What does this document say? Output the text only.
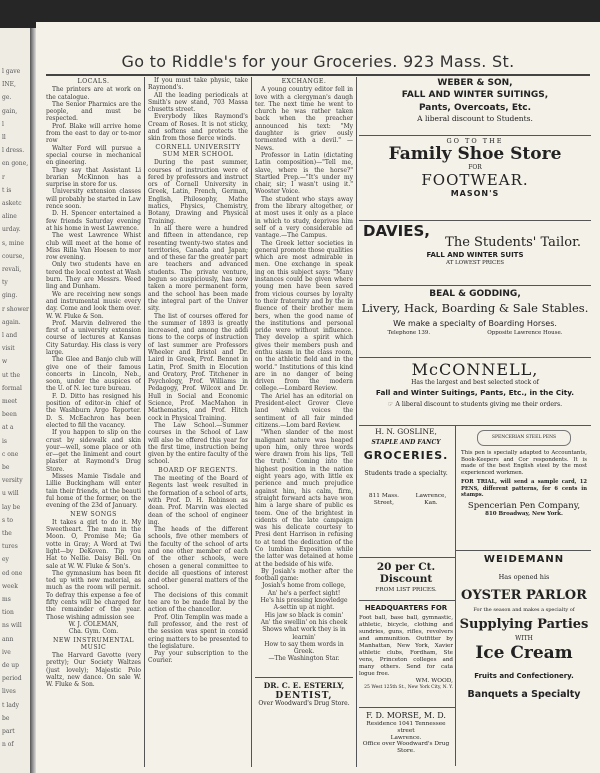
l gave
INE,
ge.
gain,
l
ll
l dress.
en gone,
r
t is
asketc
aline
urday.
s, mine
course,
revali,
ty
ging.
r shower
again.
l and
visit
w
ut the
formal
meet
been
at a
is
c one
be
versity
u will
lay be
s to
the
tures
ey
ed one
week
ms
tion
ns will
ann
ive
de up
period
lives
t lady
be
part
n of
Go to Riddle's for your Groceries. 923 Mass. St.

LOCALS.

The printers are at work on the catalogue.

The Senior Pharmics are the people, and must be respected.

Prof. Blake will arrive home from the east to day or to-mor row

Walter Ford will pursue a special course in mechanical en gineering.

They say that Assistant Li brarian McKinnon has a surprise in store for us.

University extension classes will probably be started in Law rence soon.

D. H. Spencer entertained a few friends Saturday evening at his home in west Lawrence.

The west Lawrence Whist club will meet at the home of Miss Rilla Van Hoesen to mor row evening.

Only two students have en tered the local contest at Wash burn. They are Messrs. Weed ling and Dunham.

We are receiving new songs and instrumental music every day. Come and look them over. W. W. Fluke & Son.

Prof. Marvin delivered the first of a university extension course of lectures at Kansas City Saturday. His class is very large.

The Glee and Banjo club will give one of their famous concerts in Lincoln, Neb., soon, under the auspices of the U. of N. lec ture bureau.

F. D. Ditto has resigned his position of editor-in chief of the Washburn Argo Reporter. D. S. McEachron has been elected to fill the vacancy.

If you happen to slip on the crust by sidewalk and skin your—well, some place or oth er—get the liniment and court plaster at Raymond's Drug Store.

Misses Mamie Tisdale and Lillie Buckingham will enter tain their friends, at the beauti ful home of the former, on the evening of the 23d of January.

NEW SONGS

It takes a girl to do it. My Sweetheart. The man in the Moon. O, Promise Me; Ga votte in Gray; A Word at Twi light—by DeKoven. Tip you Hat to Nellie. Daisy Bell. On sale at W. W. Fluke & Son's.

The gymnasium has been fit ted up with new material, as much as the room will permit. To defray this expense a fee of fifty cents will be charged for the remainder of the year. Those wishing admission see

W. J. COLEMAN,

Cha. Gym. Com.

NEW INSTRUMENTAL MUSIC

The Harvard Gavotte (very pretty); Our Society Waltzes (just lovely); Majestic Polo waltz, new dance. On sale W. W. Fluke & Son.

If you must take physic, take Raymond's.

All the leading periodicals at Smith's new stand, 703 Massa chusetts street.

Everybody likes Raymond's Cream of Roses. It is not sticky, and softens and protects the skin from those fierce winds.

CORNELL UNIVERSITY SUM MER SCHOOL

During the past summer, courses of instruction were of fered by professors and instruct ors of Cornell University in Greek, Latin, French, German, English, Philosophy, Mathe matics, Physics, Chemistry, Botany, Drawing and Physical Training.

In all there were a hundred and fifteen in attendance, rep resenting twenty-two states and territories, Canada and Japan; and of these far the greater part are teachers and advanced students. The private venture, begun so auspiciously, has now taken a more permanent form, and the school has been made the integral part of the Univer sity.

The list of courses offered for the summer of 1893 is greatly increased, and among the addi tions to the corps of instruction of last summer are Professors Wheeler and Bristol and Dr. Laird in Greek, Prof. Bennet in Latin, Prof. Smith in Elocution and Oratory, Prof. Titchener in Psychology, Prof. Williams in Pedagogy, Prof. Wilcox and Dr. Hull in Social and Economic Science, Prof. MacMahon in Mathematics, and Prof. Hitch cock in Physical Training.

The Law School.—Summer courses in the School of Law will also be offered this year for the first time, instruction being given by the entire faculty of the school.

BOARD OF REGENTS.

The meeting of the Board of Regents last week resulted in the formation of a school of arts, with Prof. D. H. Robinson as dean. Prof. Marvin was elected dean of the school of engineer ing.

The heads of the different schools, five other members of the faculty of the school of arts and one other member of each of the other schools, were chosen a general committee to decide all questions of interest and other general matters of the school.

The decisions of this commit tee are to be made final by the action of the chancellor.

Prof. Olin Templin was made a full professor, and the rest of the session was spent in consid ering matters to be presented to the legislature.

Pay your subscription to the Courier.

EXCHANGE.

A young country editor fell in love with a clergyman's daugh ter. The next time he went to church he was rather taken back when the preacher announced his text: "My daughter is griev ously tormented with a devil." —News.

Professor in Latin (dictating Latin composition)—"Tell me, slave, where is the horse?" Startled Prep.—"It's under my chair, sir; I wasn't using it." Wooster Voice.

The student who stays away from the library altogether, or at most uses it only as a place in which to study, deprives him self of a very considerable ad vantage.—The Campus.

The Greek letter societies in general promote those qualities which are most admirable in men. One exchange in speak ing on this subject says: "Many instances could be given where young men have been saved from vicious courses by loyalty to their fraternity and by the in fluence of their brother mem bers, when the good name of the institutions and personal pride were without influence. They develop a spirit which gives their members push and enthu siasm in the class room, on the athletic field and in the world." Institutions of this kind are in no danger of being driven from the modern college.—Lombard Review.

The Ariel has an editorial on President-elect Grover Cleve land which voices the sentiment of all fair minded citizens.—Lom bard Review.

"When slander of the most malignant nature was heaped upon him, only three words were drawn from his lips, 'Tell the truth.' Coming into the highest position in the nation eight years ago, with little ex perience and much prejudice against him, his calm, firm, straight forward acts have won him a large share of public es teem. One of the brightest in cidents of the late campaign was his delicate courtesy to Presi dent Harrison in refusing to at tend the dedication of the Co lumbian Exposition while the latter was detained at home at the bedside of his wife.

By Josiah's mother after the football game:

Josiah's home from college,

An' he's a perfect sight!

He's his pressing knowledge

A-settin up at night.

His jaw so black is comin'

An' the swellin' on his cheek

Shows what work they is in learnin'

How to say them words in Greek.

—The Washington Star.

DR. C. E. ESTERLY,
DENTIST,
Over Woodward's Drug Store.
WEBER & SON,
FALL AND WINTER SUITINGS,
Pants, Overcoats, Etc.
A liberal discount to Students.
GO TO THE
Family Shoe Store
FOR
FOOTWEAR.
MASON'S
DAVIES,
The Students' Tailor.
FALL AND WINTER SUITS
AT LOWEST PRICES
BEAL & GODDING,
Livery, Hack, Boarding & Sale Stables.
We make a specialty of Boarding Horses.
Telephone 139.	Opposite Lawrence House.
McCONNELL,
Has the largest and best selected stock of
Fall and Winter Suitings, Pants, Etc., in the City.
☞ A liberal discount to students giving me their orders.
H. N. GOSLINE,
STAPLE AND FANCY
GROCERIES.
Students trade a specialty.
811 Mass. Street,
Lawrence, Kan.
20 per Ct. Discount
FROM LIST PRICES.
HEADQUARTERS FOR
Foot ball, base ball, gymnastic, athletic, bicycle, clothing and sundries, guns, rifles, revolvers and ammunition. Outfitter by Manhattan, New York, Xavier athletic clubs, Fordham, Ste vens, Princeton colleges and many others. Send for cata logue free.
WM. WOOD,
25 West 125th St., New York City, N. Y.
F. D. MORSE, M. D.
Residence 1041 Tennessee street
Lawrence.
Office over Woodward's Drug Store.
SPENCERIAN STEEL PENS
This pen is specially adapted to Accountants, Book-Keepers and Cor respondents. It is made of the best English steel by the most experienced workmen.
FOR TRIAL, will send a sample card, 12 PENS, different patterns, for 6 cents in stamps.
Spencerian Pen Company,
810 Broadway, New York.
WEIDEMANN
Has opened his
OYSTER PARLOR
For the season and makes a specialty of
Supplying Parties
WITH
Ice Cream
Fruits and Confectionery.
Banquets a Specialty
